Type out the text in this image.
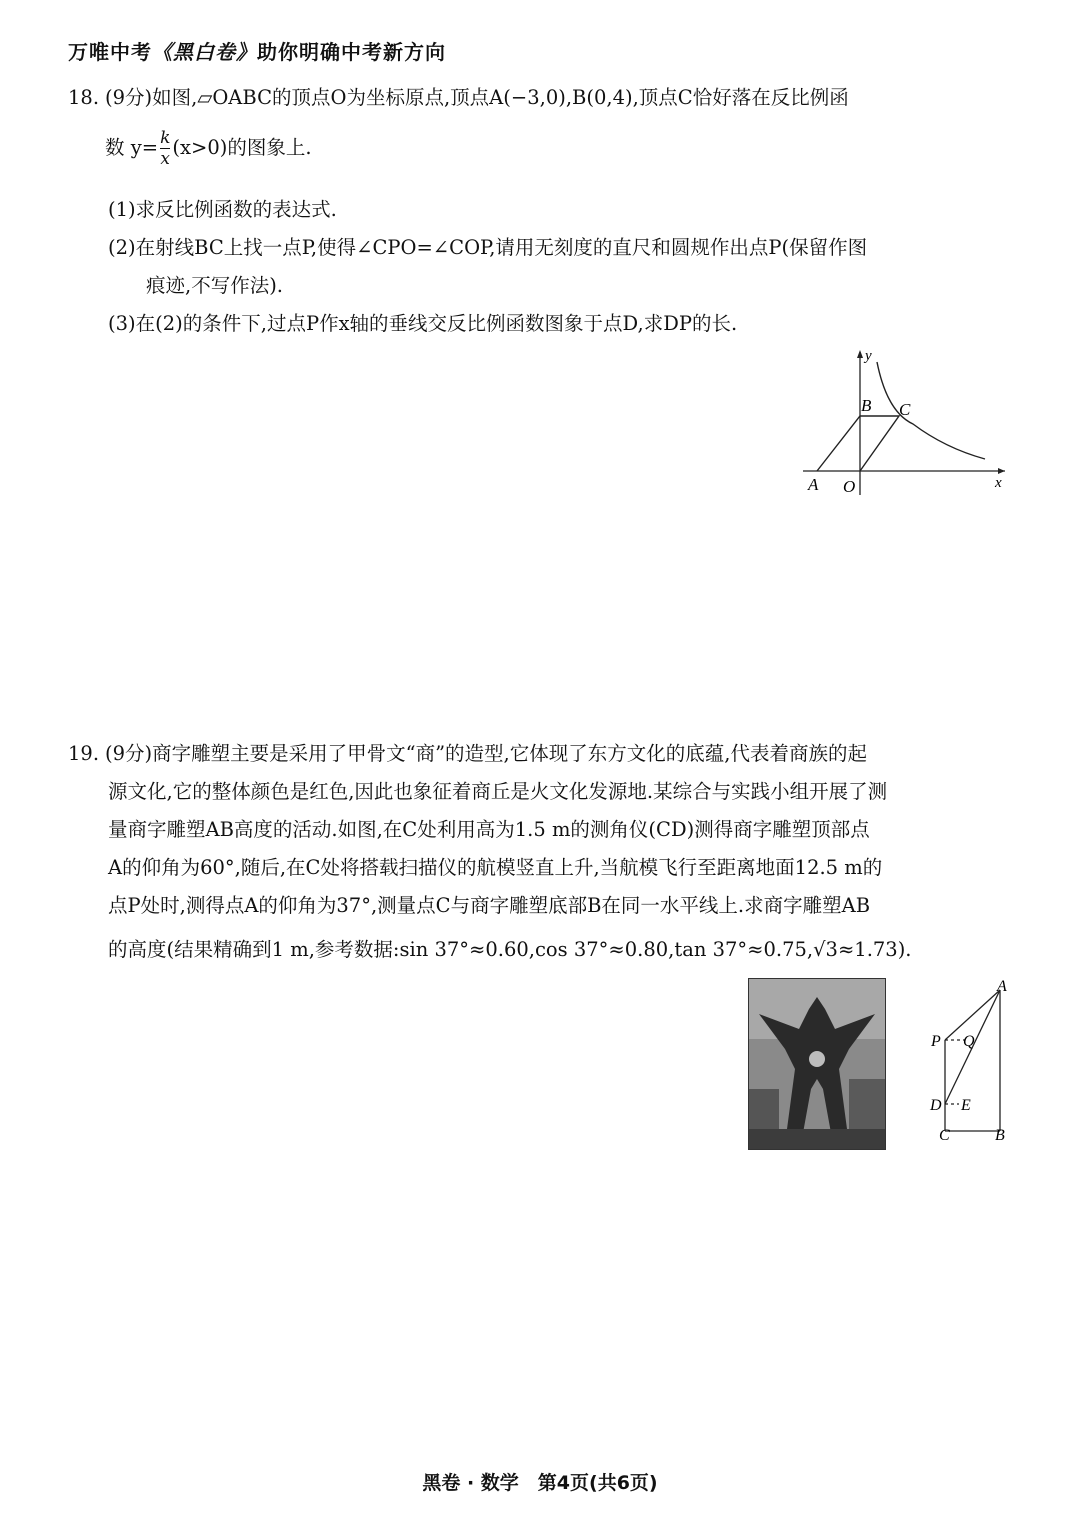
万唯中考《黑白卷》助你明确中考新方向
18. (9分)如图,▱OABC的顶点O为坐标原点,顶点A(−3,0),B(0,4),顶点C恰好落在反比例函
数 $y= \frac{k}{x} (x>0)$的图象上.
(1)求反比例函数的表达式.
(2)在射线BC上找一点P,使得∠CPO=∠COP,请用无刻度的直尺和圆规作出点P(保留作图
痕迹,不写作法).
(3)在(2)的条件下,过点P作x轴的垂线交反比例函数图象于点D,求DP的长.
y
x
B C
A O
19. (9分)商字雕塑主要是采用了甲骨文“商”的造型,它体现了东方文化的底蕴,代表着商族的起
源文化,它的整体颜色是红色,因此也象征着商丘是火文化发源地.某综合与实践小组开展了测
量商字雕塑AB高度的活动.如图,在C处利用高为1.5 m的测角仪(CD)测得商字雕塑顶部点
A的仰角为60°,随后,在C处将搭载扫描仪的航模竖直上升,当航模飞行至距离地面12.5 m的
点P处时,测得点A的仰角为37°,测量点C与商字雕塑底部B在同一水平线上.求商字雕塑AB
的高度(结果精确到1 m,参考数据:sin 37°≈0.60,cos 37°≈0.80,tan 37°≈0.75,√3≈1.73).
A
P Q
D E
C	B
黑卷 · 数学　第4页(共6页)
